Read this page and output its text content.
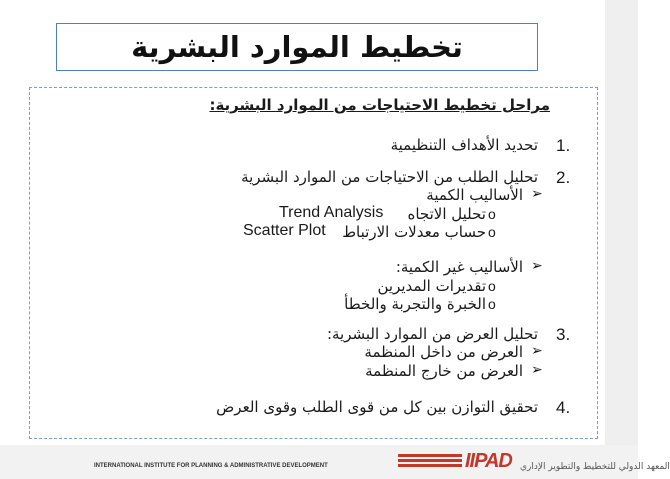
تخطيط الموارد البشرية
مراحل تخطيط الاحتياجات من الموارد البشرية:
1.
تحديد الأهداف التنظيمية
2.
تحليل الطلب من الاحتياجات من الموارد البشرية
➢
الأساليب الكمية
o
تحليل الاتجاه
Trend Analysis
o
حساب معدلات الارتباط
Scatter Plot
➢
الأساليب غير الكمية:
o
تقديرات المديرين
o
الخبرة والتجربة والخطأ
3.
تحليل العرض من الموارد البشرية:
➢
العرض من داخل المنظمة
➢
العرض من خارج المنظمة
4.
تحقيق التوازن بين كل من قوى الطلب وقوى العرض
IIPAD
INTERNATIONAL INSTITUTE FOR PLANNING & ADMINISTRATIVE DEVELOPMENT	المعهد الدولي للتخطيط والتطوير الإداري
